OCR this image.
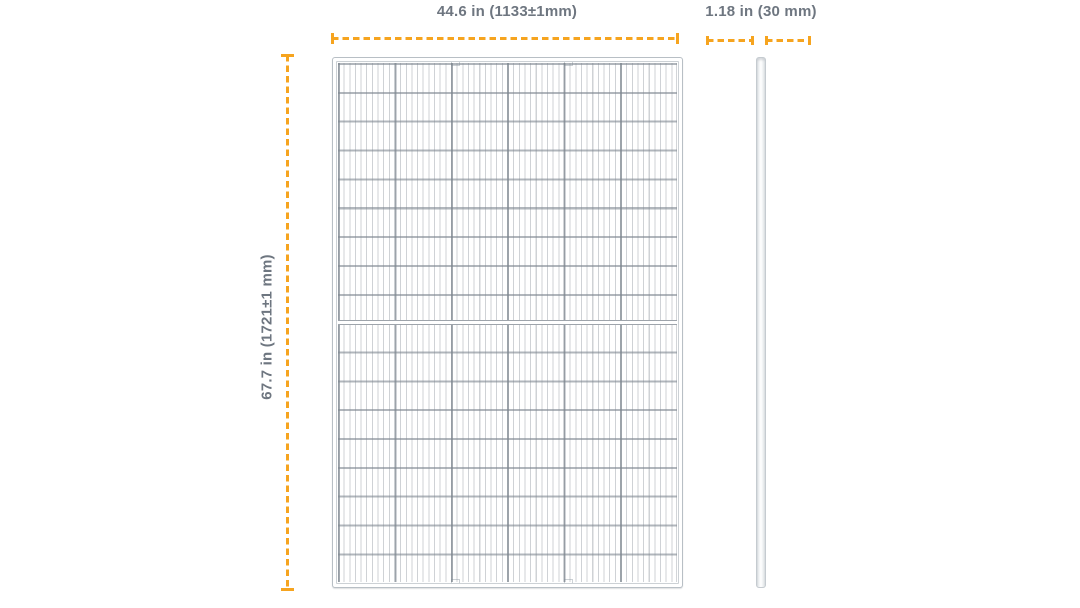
44.6 in (1133±1mm)	1.18 in (30 mm)
67.7 in (1721±1 mm)
